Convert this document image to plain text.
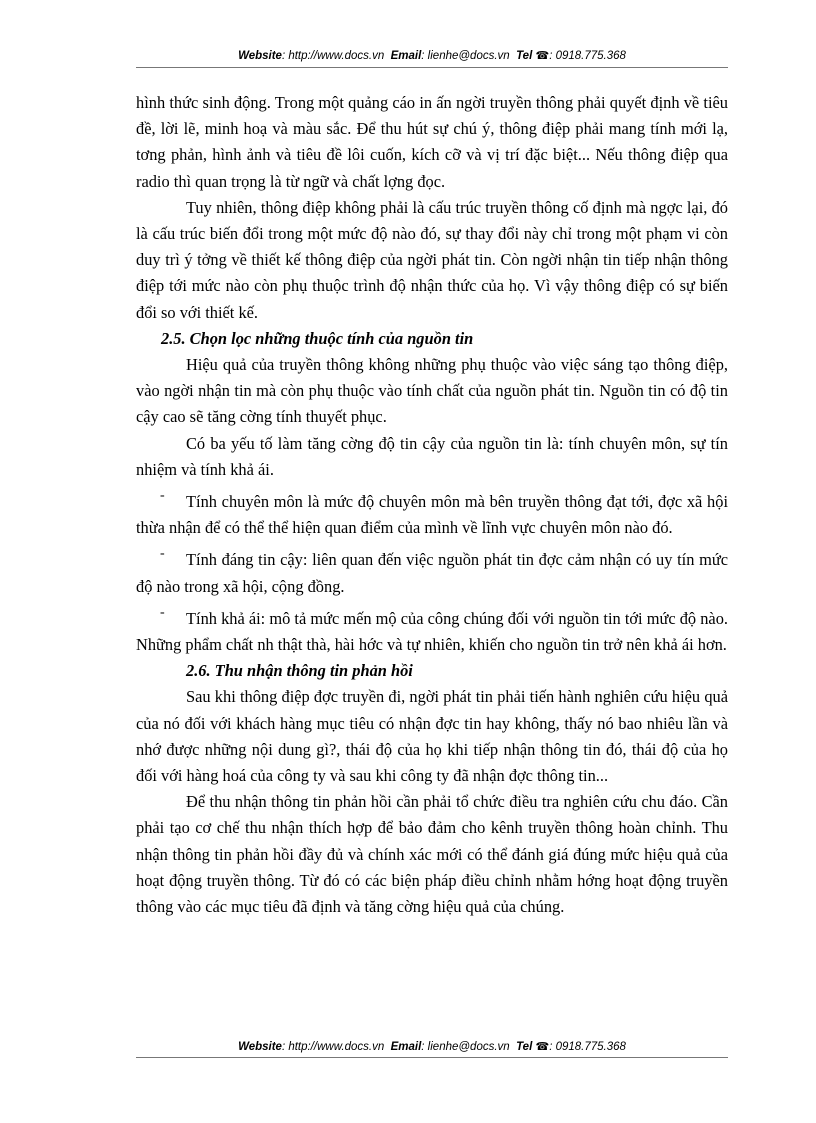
Website: http://www.docs.vn Email: lienhe@docs.vn Tel ☎: 0918.775.368

hình thức sinh động. Trong một quảng cáo in ấn ngời truyền thông phải quyết định về tiêu đề, lời lẽ, minh hoạ và màu sắc. Để thu hút sự chú ý, thông điệp phải mang tính mới lạ, tơng phản, hình ảnh và tiêu đề lôi cuốn, kích cỡ và vị trí đặc biệt... Nếu thông điệp qua radio thì quan trọng là từ ngữ và chất lợng đọc.

Tuy nhiên, thông điệp không phải là cấu trúc truyền thông cố định mà ngợc lại, đó là cấu trúc biến đổi trong một mức độ nào đó, sự thay đổi này chỉ trong một phạm vi còn duy trì ý tởng về thiết kế thông điệp của ngời phát tin. Còn ngời nhận tin tiếp nhận thông điệp tới mức nào còn phụ thuộc trình độ nhận thức của họ. Vì vậy thông điệp có sự biến đổi so với thiết kế.

2.5. Chọn lọc những thuộc tính của nguồn tin

Hiệu quả của truyền thông không những phụ thuộc vào việc sáng tạo thông điệp, vào ngời nhận tin mà còn phụ thuộc vào tính chất của nguồn phát tin. Nguồn tin có độ tin cậy cao sẽ tăng cờng tính thuyết phục.

Có ba yếu tố làm tăng cờng độ tin cậy của nguồn tin là: tính chuyên môn, sự tín nhiệm và tính khả ái.

-	Tính chuyên môn là mức độ chuyên môn mà bên truyền thông đạt tới, đợc xã hội thừa nhận để có thể thể hiện quan điểm của mình về lĩnh vực chuyên môn nào đó.

-	Tính đáng tin cậy: liên quan đến việc nguồn phát tin đợc cảm nhận có uy tín mức độ nào trong xã hội, cộng đồng.

-	Tính khả ái: mô tả mức mến mộ của công chúng đối với nguồn tin tới mức độ nào. Những phẩm chất nh thật thà, hài hớc và tự nhiên, khiến cho nguồn tin trở nên khả ái hơn.

2.6. Thu nhận thông tin phản hồi

Sau khi thông điệp đợc truyền đi, ngời phát tin phải tiến hành nghiên cứu hiệu quả của nó đối với khách hàng mục tiêu có nhận đợc tin hay không, thấy nó bao nhiêu lần và nhớ được những nội dung gì?, thái độ của họ khi tiếp nhận thông tin đó, thái độ của họ đối với hàng hoá của công ty và sau khi công ty đã nhận đợc thông tin...

Để thu nhận thông tin phản hồi cần phải tổ chức điều tra nghiên cứu chu đáo. Cần phải tạo cơ chế thu nhận thích hợp để bảo đảm cho kênh truyền thông hoàn chỉnh. Thu nhận thông tin phản hồi đầy đủ và chính xác mới có thể đánh giá đúng mức hiệu quả của hoạt động truyền thông. Từ đó có các biện pháp điều chỉnh nhằm hớng hoạt động truyền thông vào các mục tiêu đã định và tăng cờng hiệu quả của chúng.

Website: http://www.docs.vn Email: lienhe@docs.vn Tel ☎: 0918.775.368
